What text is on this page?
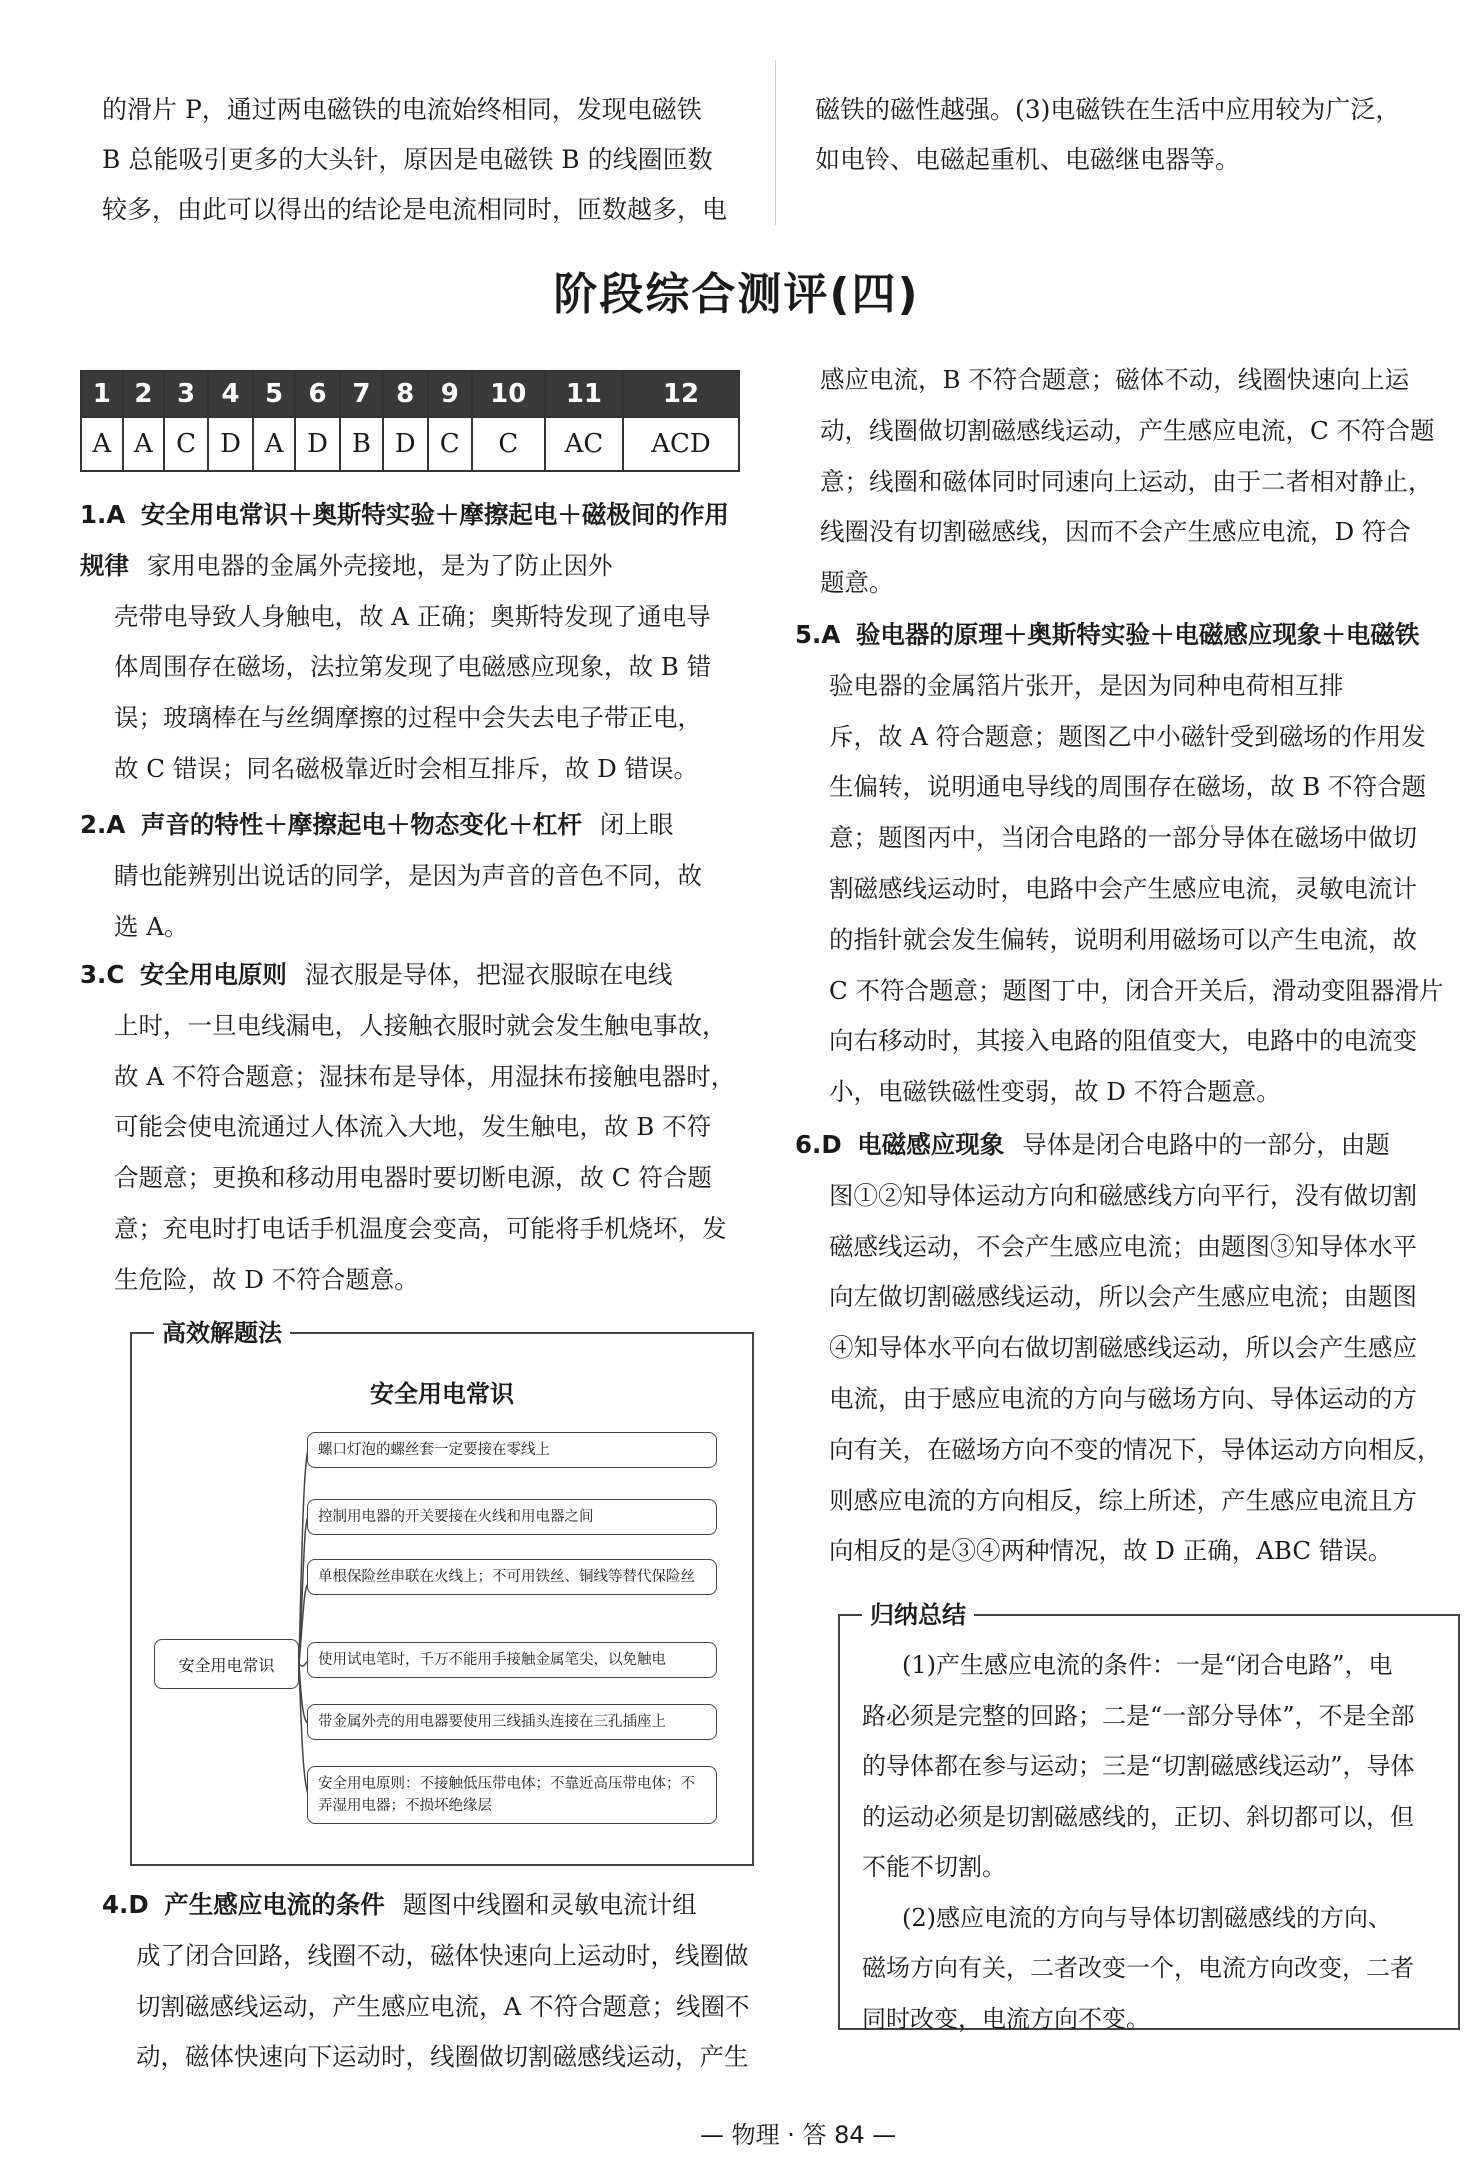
的滑片 P，通过两电磁铁的电流始终相同，发现电磁铁

B 总能吸引更多的大头针，原因是电磁铁 B 的线圈匝数

较多，由此可以得出的结论是电流相同时，匝数越多，电

磁铁的磁性越强。(3)电磁铁在生活中应用较为广泛，

如电铃、电磁起重机、电磁继电器等。

阶段综合测评(四)
1	2	3	4	5	6	7	8	9	10	11	12
A	A	C	D	A	D	B	D	C	C	AC	ACD
1.A 安全用电常识＋奥斯特实验＋摩擦起电＋磁极间的作用规律 家用电器的金属外壳接地，是为了防止因外
壳带电导致人身触电，故 A 正确；奥斯特发现了通电导
体周围存在磁场，法拉第发现了电磁感应现象，故 B 错
误；玻璃棒在与丝绸摩擦的过程中会失去电子带正电，
故 C 错误；同名磁极靠近时会相互排斥，故 D 错误。
2.A 声音的特性＋摩擦起电＋物态变化＋杠杆 闭上眼
睛也能辨别出说话的同学，是因为声音的音色不同，故
选 A。
3.C 安全用电原则 湿衣服是导体，把湿衣服晾在电线
上时，一旦电线漏电，人接触衣服时就会发生触电事故，
故 A 不符合题意；湿抹布是导体，用湿抹布接触电器时，
可能会使电流通过人体流入大地，发生触电，故 B 不符
合题意；更换和移动用电器时要切断电源，故 C 符合题
意；充电时打电话手机温度会变高，可能将手机烧坏，发
生危险，故 D 不符合题意。
高效解题法
安全用电常识
安全用电常识
螺口灯泡的螺丝套一定要接在零线上
控制用电器的开关要接在火线和用电器之间
单根保险丝串联在火线上；不可用铁丝、铜线等替代保险丝
使用试电笔时，千万不能用手接触金属笔尖，以免触电
带金属外壳的用电器要使用三线插头连接在三孔插座上
安全用电原则：不接触低压带电体；不靠近高压带电体；不弄湿用电器；不损坏绝缘层
4.D 产生感应电流的条件 题图中线圈和灵敏电流计组
成了闭合回路，线圈不动，磁体快速向上运动时，线圈做
切割磁感线运动，产生感应电流，A 不符合题意；线圈不
动，磁体快速向下运动时，线圈做切割磁感线运动，产生
感应电流，B 不符合题意；磁体不动，线圈快速向上运
动，线圈做切割磁感线运动，产生感应电流，C 不符合题
意；线圈和磁体同时同速向上运动，由于二者相对静止，
线圈没有切割磁感线，因而不会产生感应电流，D 符合
题意。
5.A 验电器的原理＋奥斯特实验＋电磁感应现象＋电磁铁
验电器的金属箔片张开，是因为同种电荷相互排
斥，故 A 符合题意；题图乙中小磁针受到磁场的作用发
生偏转，说明通电导线的周围存在磁场，故 B 不符合题
意；题图丙中，当闭合电路的一部分导体在磁场中做切
割磁感线运动时，电路中会产生感应电流，灵敏电流计
的指针就会发生偏转，说明利用磁场可以产生电流，故
C 不符合题意；题图丁中，闭合开关后，滑动变阻器滑片
向右移动时，其接入电路的阻值变大，电路中的电流变
小，电磁铁磁性变弱，故 D 不符合题意。
6.D 电磁感应现象 导体是闭合电路中的一部分，由题
图①②知导体运动方向和磁感线方向平行，没有做切割
磁感线运动，不会产生感应电流；由题图③知导体水平
向左做切割磁感线运动，所以会产生感应电流；由题图
④知导体水平向右做切割磁感线运动，所以会产生感应
电流，由于感应电流的方向与磁场方向、导体运动的方
向有关，在磁场方向不变的情况下，导体运动方向相反，
则感应电流的方向相反，综上所述，产生感应电流且方
向相反的是③④两种情况，故 D 正确，ABC 错误。
归纳总结

(1)产生感应电流的条件：一是“闭合电路”，电

路必须是完整的回路；二是“一部分导体”，不是全部

的导体都在参与运动；三是“切割磁感线运动”，导体

的运动必须是切割磁感线的，正切、斜切都可以，但

不能不切割。

(2)感应电流的方向与导体切割磁感线的方向、

磁场方向有关，二者改变一个，电流方向改变，二者

同时改变，电流方向不变。

— 物理 · 答 84 —
